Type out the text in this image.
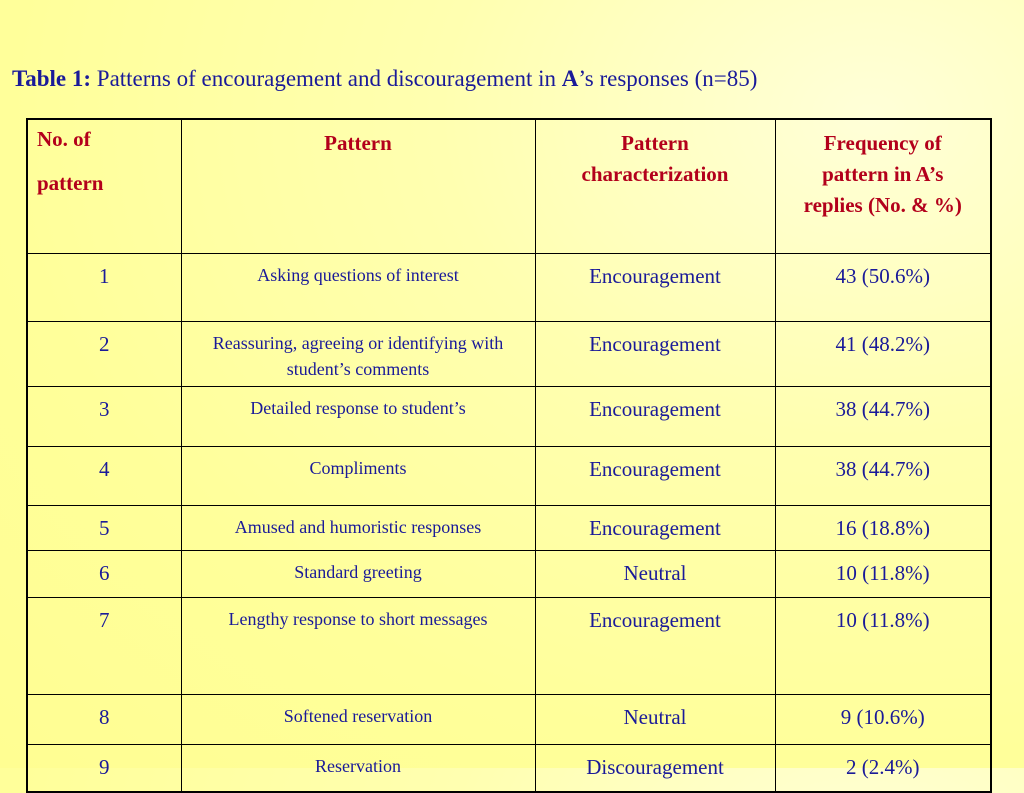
Table 1: Patterns of encouragement and discouragement in A’s responses (n=85)
No. of
pattern	Pattern	Pattern characterization	Frequency of pattern in A’s replies (No. & %)

1	Asking questions of interest	Encouragement	43 (50.6%)
2	Reassuring, agreeing or identifying with student’s comments	Encouragement	41 (48.2%)
3	Detailed response to student’s	Encouragement	38 (44.7%)
4	Compliments	Encouragement	38 (44.7%)
5	Amused and humoristic responses	Encouragement	16 (18.8%)
6	Standard greeting	Neutral	10 (11.8%)
7	Lengthy response to short messages	Encouragement	10 (11.8%)
8	Softened reservation	Neutral	9 (10.6%)
9	Reservation	Discouragement	2 (2.4%)
